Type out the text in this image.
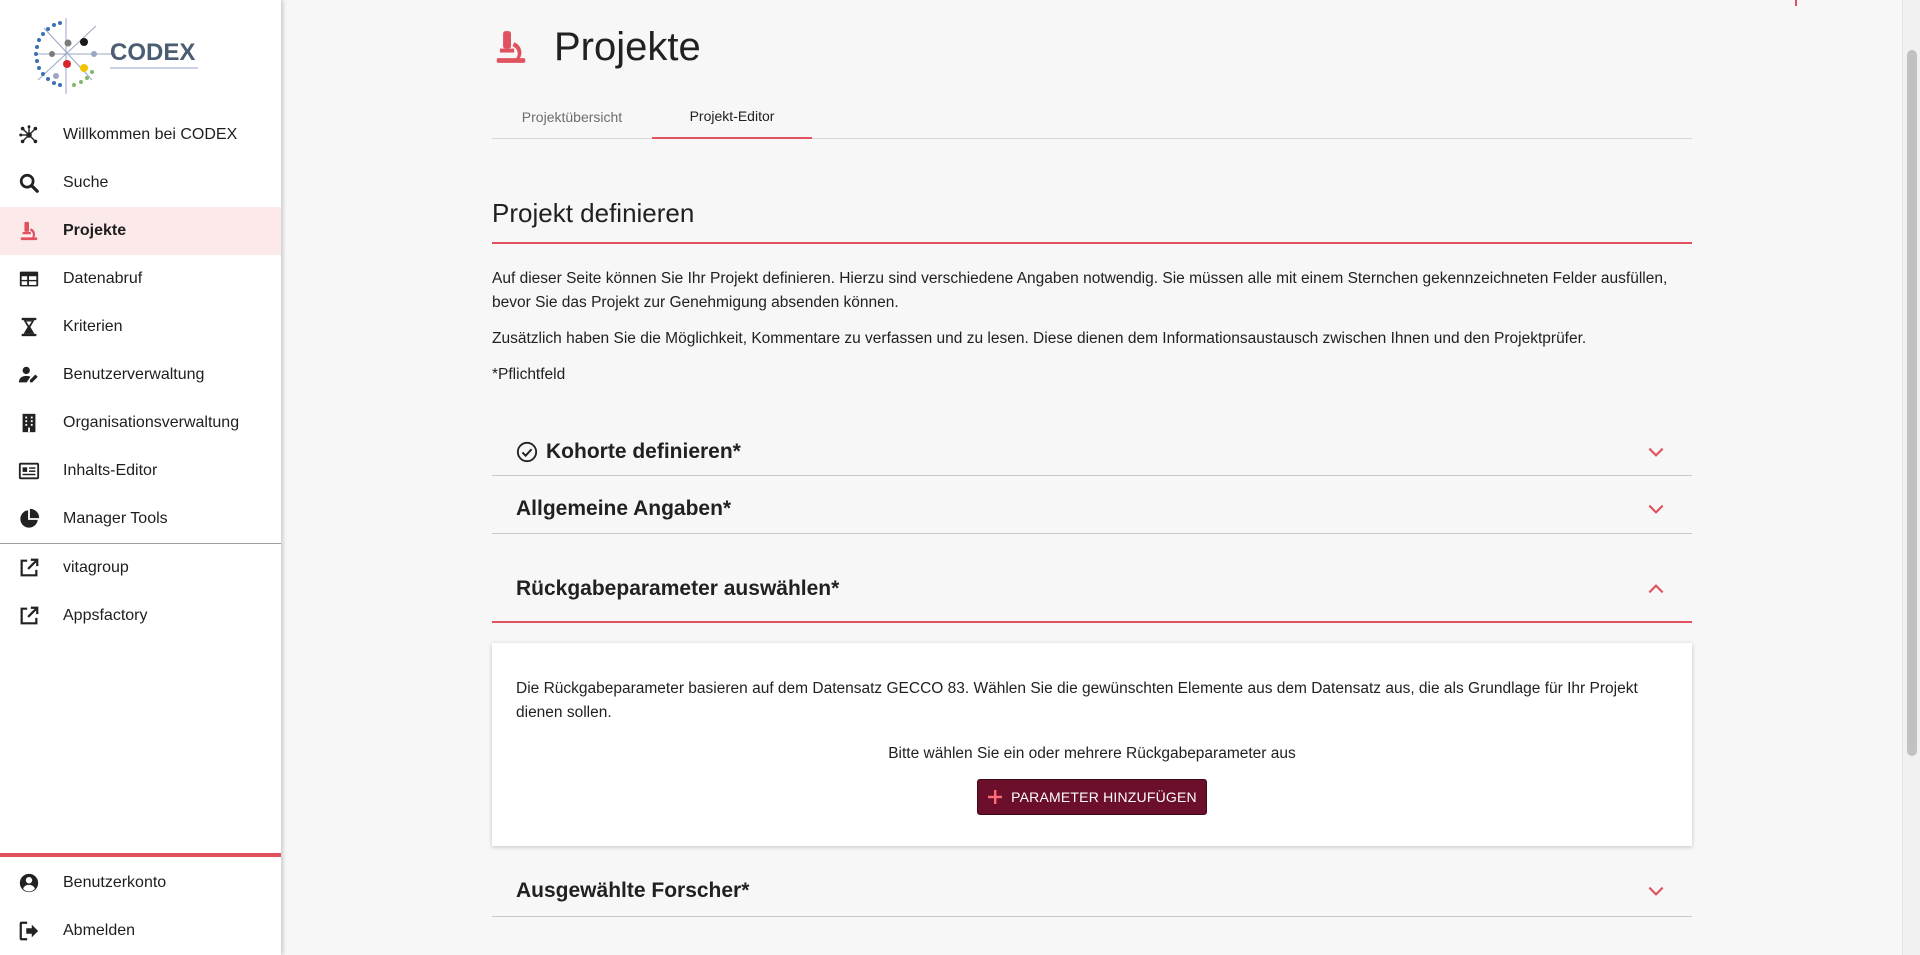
CODEX
Willkommen bei CODEX
Suche
Projekte
Datenabruf
Kriterien
Benutzerverwaltung
Organisationsverwaltung
Inhalts-Editor
Manager Tools
vitagroup
Appsfactory
Benutzerkonto
Abmelden
Projekte
Projektübersicht	Projekt-Editor
Projekt definieren

Auf dieser Seite können Sie Ihr Projekt definieren. Hierzu sind verschiedene Angaben notwendig. Sie müssen alle mit einem Sternchen gekennzeichneten Felder ausfüllen, bevor Sie das Projekt zur Genehmigung absenden können.

Zusätzlich haben Sie die Möglichkeit, Kommentare zu verfassen und zu lesen. Diese dienen dem Informationsaustausch zwischen Ihnen und den Projektprüfer.

*Pflichtfeld

Kohorte definieren*
Allgemeine Angaben*
Rückgabeparameter auswählen*

Die Rückgabeparameter basieren auf dem Datensatz GECCO 83. Wählen Sie die gewünschten Elemente aus dem Datensatz aus, die als Grundlage für Ihr Projekt dienen sollen.

Bitte wählen Sie ein oder mehrere Rückgabeparameter aus

PARAMETER HINZUFÜGEN
Ausgewählte Forscher*
